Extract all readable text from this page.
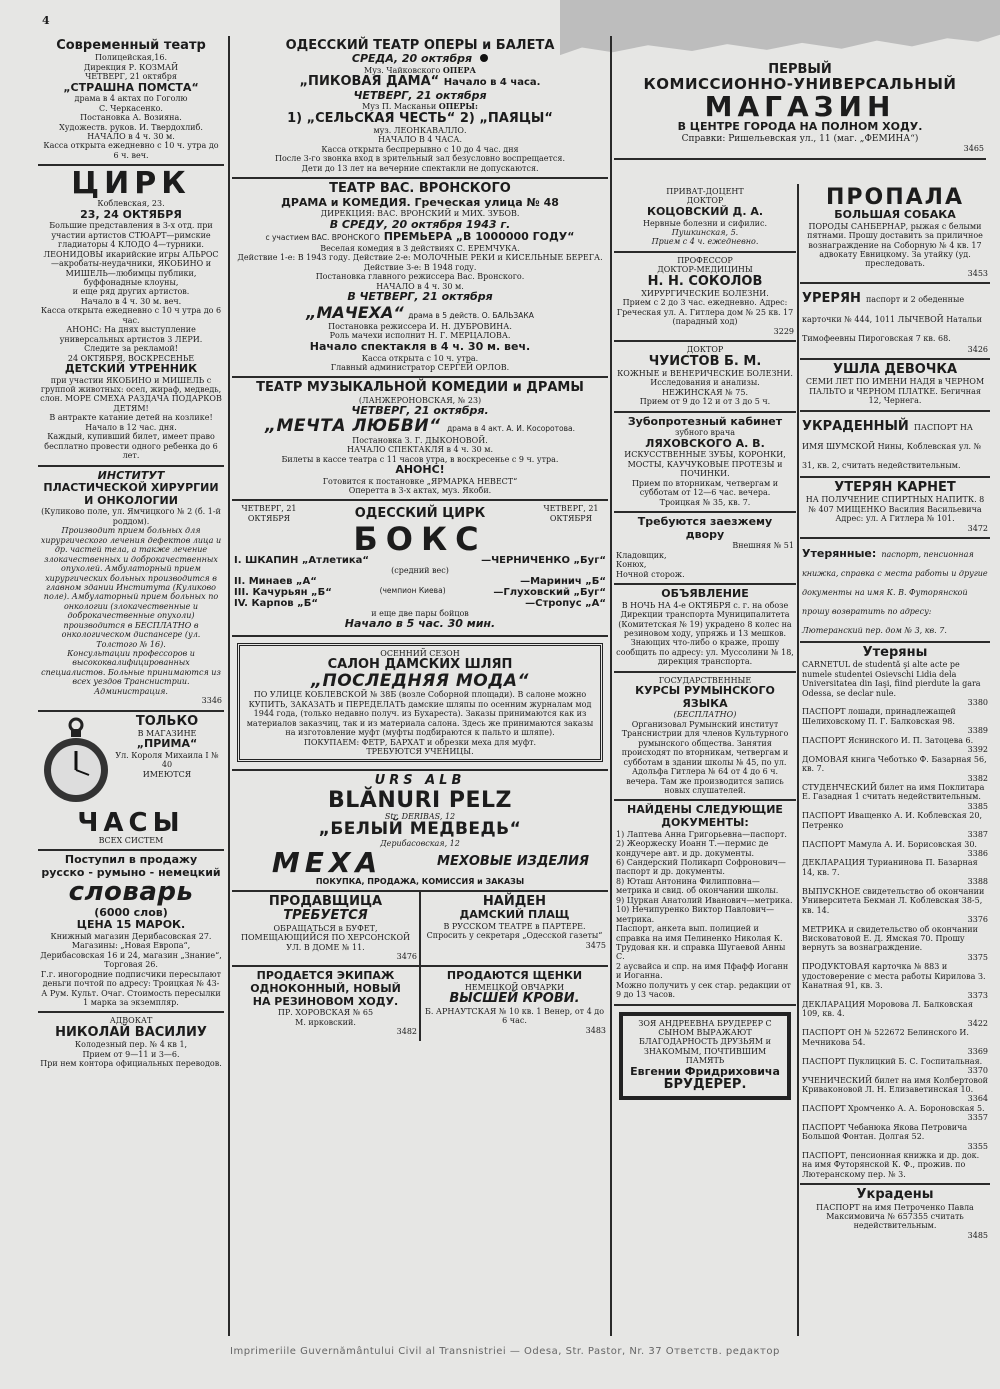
4
Современный театр

Полицейская,16.

Дирекция Р. КОЗМАЙ

ЧЕТВЕРГ, 21 октября

„СТРАШНА ПОМСТА“

драма в 4 актах по Гоголю

С. Черкасенко.

Постановка А. Возияна.

Художеств. руков. И. Твердохлиб.

НАЧАЛО в 4 ч. 30 м.

Касса открыта ежедневно с 10 ч. утра до 6 ч. веч.

ЦИРК

Коблевская, 23.

23, 24 ОКТЯБРЯ

Большие представления в 3-х отд. при участии артистов СТЮАРТ—римские гладиаторы 4 КЛОДО 4—турники.

ЛЕОНИДОВЫ икарийские игры АЛЬРОС—акробаты-неудачники, ЯКОБИНО и МИШЕЛЬ—любимцы публики, буффонадные клоуны,

и еще ряд других артистов.

Начало в 4 ч. 30 м. веч.

Касса открыта ежедневно с 10 ч утра до 6 час.

АНОНС: На днях выступление универсальных артистов 3 ЛЕРИ.

Следите за рекламой!

24 ОКТЯБРЯ, ВОСКРЕСЕНЬЕ

ДЕТСКИЙ УТРЕННИК

при участии ЯКОБИНО и МИШЕЛЬ с группой животных: осел, жираф, медведь, слон. МОРЕ СМЕХА РАЗДАЧА ПОДАРКОВ ДЕТЯМ!

В антракте катание детей на козлике!

Начало в 12 час. дня.

Каждый, купивший билет, имеет право бесплатно провести одного ребенка до 6 лет.

ИНСТИТУТ
ПЛАСТИЧЕСКОЙ ХИРУРГИИ И ОНКОЛОГИИ

(Куликово поле, ул. Ямчицкого № 2 (б. 1-й роддом).

Производит прием больных для хирургического лечения дефектов лица и др. частей тела, а также лечение злокачественных и доброкачественных опухолей. Амбулаторный прием хирургических больных производится в главном здании Института (Куликово поле). Амбулаторный прием больных по онкологии (злокачественные и доброкачественные опухоли) производится в БЕСПЛАТНО в онкологическом диспансере (ул. Толстого № 16).

Консультации профессоров и высококвалифицированных специалистов. Больные принимаются из всех уездов Транснистрии.

Администрация.

3346

ТОЛЬКО

В МАГАЗИНЕ

„ПРИМА“

Ул. Короля Михаила I № 40

ИМЕЮТСЯ

ЧАСЫ

ВСЕХ СИСТЕМ

Поступил в продажу
русско - румыно - немецкий
словарь
(6000 слов)
ЦЕНА 15 МАРОК.

Книжный магазин Дерибасовская 27. Магазины: „Новая Европа“, Дерибасовская 16 и 24, магазин „Знание“, Торговая 26.

Г.г. иногородние подписчики пересылают деньги почтой по адресу: Троицкая № 43-А Рум. Культ. Очаг. Стоимость пересылки 1 марка за экземпляр.

АДВОКАТ

НИКОЛАЙ ВАСИЛИУ

Колодезный пер. № 4 кв 1,

Прием от 9—11 и 3—6.

При нем контора официальных переводов.

ОДЕССКИЙ ТЕАТР ОПЕРЫ и БАЛЕТА
СРЕДА, 20 октября

Муз. Чайковского ОПЕРА

„ПИКОВАЯ ДАМА“ Начало в 4 часа.
ЧЕТВЕРГ, 21 октября

Муз П. Масканьи ОПЕРЫ:

1) „СЕЛЬСКАЯ ЧЕСТЬ“ 2) „ПАЯЦЫ“

муз. ЛЕОНКАВАЛЛО.

НАЧАЛО В 4 ЧАСА.

Касса открыта беспрерывно с 10 до 4 час. дня

После 3-го звонка вход в зрительный зал безусловно воспрещается.

Дети до 13 лет на вечерние спектакли не допускаются.

ТЕАТР ВАС. ВРОНСКОГО
ДРАМА и КОМЕДИЯ. Греческая улица № 48

ДИРЕКЦИЯ: ВАС. ВРОНСКИЙ и МИХ. ЗУБОВ.

В СРЕДУ, 20 октября 1943 г.
с участием ВАС. ВРОНСКОГО ПРЕМЬЕРА „В 1000000 ГОДУ“

Веселая комедия в 3 действиях С. ЕРЕМЧУКА.

Действие 1-е: В 1943 году. Действие 2-е: МОЛОЧНЫЕ РЕКИ и КИСЕЛЬНЫЕ БЕРЕГА. Действие 3-е: В 1948 году.

Постановка главного режиссера Вас. Вронского.

НАЧАЛО в 4 ч. 30 м.

В ЧЕТВЕРГ, 21 октября
„МАЧЕХА“ драма в 5 действ. О. БАЛЬЗАКА

Постановка режиссера И. Н. ДУБРОВИНА.

Роль мачехи исполнит Н. Г. МЕРЦАЛОВА.

Начало спектакля в 4 ч. 30 м. веч.

Касса открыта с 10 ч. утра.

Главный администратор СЕРГЕЙ ОРЛОВ.

ТЕАТР МУЗЫКАЛЬНОЙ КОМЕДИИ и ДРАМЫ

(ЛАНЖЕРОНОВСКАЯ, № 23)

ЧЕТВЕРГ, 21 октября.
„МЕЧТА ЛЮБВИ“ драма в 4 акт. А. И. Косоротова.

Постановка З. Г. ДЫКОНОВОЙ.

НАЧАЛО СПЕКТАКЛЯ в 4 ч. 30 м.

Билеты в кассе театра с 11 часов утра, в воскресенье с 9 ч. утра.

АНОНС!

Готовится к постановке „ЯРМАРКА НЕВЕСТ“

Оперетта в 3-х актах, муз. Якоби.

ЧЕТВЕРГ, 21 ОКТЯБРЯ	ОДЕССКИЙ ЦИРК	ЧЕТВЕРГ, 21 ОКТЯБРЯ

БОКС
I. ШКАПИН „Атлетика“	—ЧЕРНИЧЕНКО „Буг“

(средний вес)

II. Минаев „А“	—Маринич „Б“
III. Качурьян „Б“	(чемпион Киева)	—Глуховский „Буг“
IV. Карпов „Б“	—Стропус „А“

и еще две пары бойцов

Начало в 5 час. 30 мин.

ОСЕННИЙ СЕЗОН

САЛОН ДАМСКИХ ШЛЯП
„ПОСЛЕДНЯЯ МОДА“

ПО УЛИЦЕ КОБЛЕВСКОЙ № 38Б (возле Соборной площади). В салоне можно КУПИТЬ, ЗАКАЗАТЬ и ПЕРЕДЕЛАТЬ дамские шляпы по осенним журналам мод 1944 года, (только недавно получ. из Бухареста). Заказы принимаются как из материалов заказчиц, так и из материала салона. Здесь же принимаются заказы на изготовление муфт (муфты подбираются к пальто и шляпе).

ПОКУПАЕМ: ФЕТР, БАРХАТ и обрезки меха для муфт.

ТРЕБУЮТСЯ УЧЕНИЦЫ.

URS ALB
BLĂNURI PELZ

Str. DERIBAS, 12

„БЕЛЫЙ МЕДВЕДЬ“

Дерибасовская, 12

МЕХА	МЕХОВЫЕ ИЗДЕЛИЯ

ПОКУПКА, ПРОДАЖА, КОМИССИЯ и ЗАКАЗЫ

ПРОДАВЩИЦА
ТРЕБУЕТСЯ

ОБРАЩАТЬСЯ в БУФЕТ, ПОМЕЩАЮЩИЙСЯ ПО ХЕРСОНСКОЙ УЛ. В ДОМЕ № 11.

3476

НАЙДЕН
ДАМСКИЙ ПЛАЩ

В РУССКОМ ТЕАТРЕ в ПАРТЕРЕ.

Спросить у секретаря „Одесской газеты“

3475

ПРОДАЕТСЯ ЭКИПАЖ
ОДНОКОННЫЙ, НОВЫЙ
НА РЕЗИНОВОМ ХОДУ.

ПР. ХОРОВСКАЯ № 65

М. ирковский.

3482

ПРОДАЮТСЯ ЩЕНКИ

НЕМЕЦКОЙ ОВЧАРКИ

ВЫСШЕЙ КРОВИ.

Б. АРНАУТСКАЯ № 10 кв. 1 Венер, от 4 до 6 час.

3483

ПЕРВЫЙ
КОМИССИОННО-УНИВЕРСАЛЬНЫЙ
МАГАЗИН
В ЦЕНТРЕ ГОРОДА НА ПОЛНОМ ХОДУ.

Справки: Ришельевская ул., 11 (маг. „ФЕМИНА“)

3465

ПРИВАТ-ДОЦЕНТ

ДОКТОР

КОЦОВСКИЙ Д. А.

Нервные болезни и сифилис.

Пушкинская, 5.

Прием с 4 ч. ежедневно.

ПРОФЕССОР

ДОКТОР-МЕДИЦИНЫ

Н. Н. СОКОЛОВ

ХИРУРГИЧЕСКИЕ БОЛЕЗНИ.

Прием с 2 до 3 час. ежедневно. Адрес: Греческая ул. А. Гитлера дом № 25 кв. 17 (парадный ход)

3229

ДОКТОР

ЧУИСТОВ Б. М.

КОЖНЫЕ и ВЕНЕРИЧЕСКИЕ БОЛЕЗНИ.

Исследования и анализы.

НЕЖИНСКАЯ № 75.

Прием от 9 до 12 и от 3 до 5 ч.

Зубопротезный кабинет

зубного врача

ЛЯХОВСКОГО А. В.

ИСКУССТВЕННЫЕ ЗУБЫ, КОРОНКИ, МОСТЫ, КАУЧУКОВЫЕ ПРОТЕЗЫ и ПОЧИНКИ.

Прием по вторникам, четвергам и субботам от 12—6 час. вечера.

Троицкая № 35, кв. 7.

Требуются заезжему
двору

Внешняя № 51

Кладовщик,

Конюх,

Ночной сторож.

ОБЪЯВЛЕНИЕ

В НОЧЬ НА 4-е ОКТЯБРЯ с. г. на обозе Дирекции транспорта Муниципалитета (Комитетская № 19) украдено 8 колес на резиновом ходу, упряжь и 13 мешков. Знающих что-либо о краже, прошу сообщить по адресу: ул. Муссолини № 18, дирекция транспорта.

ГОСУДАРСТВЕННЫЕ

КУРСЫ РУМЫНСКОГО ЯЗЫКА

(БЕСПЛАТНО)

Организовал Румынский институт Транснистрии для членов Культурного румынского общества. Занятия происходят по вторникам, четвергам и субботам в здании школы № 45, по ул. Адольфа Гитлера № 64 от 4 до 6 ч. вечера. Там же производится запись новых слушателей.

НАЙДЕНЫ СЛЕДУЮЩИЕ ДОКУМЕНТЫ:

1) Лаптева Анна Григорьевна—паспорт.

2) Жеоржеску Иоанн Т.—пермис де кондучере авт. и др. документы.

6) Сандерский Поликарп Софронович—паспорт и др. документы.

8) Юташ Антонина Филипповна—метрика и свид. об окончании школы.

9) Цуркан Анатолий Иванович—метрика.

10) Нечипуренко Виктор Павлович—метрика.

Паспорт, анкета вып. полицией и справка на имя Пелиненко Николая К.

Трудовая кн. и справка Шугаевой Анны С.

2 аусвайса и спр. на имя Пфафф Иоганн и Иоганна.

Можно получить у сек стар. редакции от 9 до 13 часов.

ЗОЯ АНДРЕЕВНА БРУДЕРЕР С СЫНОМ ВЫРАЖАЮТ БЛАГОДАРНОСТЬ ДРУЗЬЯМ и ЗНАКОМЫМ, ПОЧТИВШИМ ПАМЯТЬ

Евгении Фридриховича
БРУДЕРЕР.
ПРОПАЛА
БОЛЬШАЯ СОБАКА

ПОРОДЫ САНБЕРНАР, рыжая с белыми пятнами. Прошу доставить за приличное вознаграждение на Соборную № 4 кв. 17 адвокату Евницкому. За утайку (уд. преследовать.

3453

УРЕРЯН паспорт и 2 обеденные карточки № 444, 1011 ЛЫЧЕВОЙ Натальи Тимофеевны Пироговская 7 кв. 68.

3426

УШЛА ДЕВОЧКА

СЕМИ ЛЕТ ПО ИМЕНИ НАДЯ в ЧЕРНОМ ПАЛЬТО и ЧЕРНОМ ПЛАТКЕ. Бегичная 12, Чернега.

УКРАДЕННЫЙ ПАСПОРТ НА ИМЯ ШУМСКОЙ Нины, Коблевская ул. № 31, кв. 2, считать недействительным.

УТЕРЯН КАРНЕТ

НА ПОЛУЧЕНИЕ СПИРТНЫХ НАПИТК. 8 № 407 МИЩЕНКО Василия Васильевича

Адрес: ул. А Гитлера № 101.

3472

Утерянные: паспорт, пенсионная книжка, справка с места работы и другие документы на имя К. В. Футорянской прошу возвратить по адресу: Лютеранский пер. дом № 3, кв. 7.

Утеряны

CARNETUL de studentă şi alte acte pe numele studentei Osievschi Lidia dela Universitatea din Iaşi, fiind pierdute la gara Odessa, se declar nule.

3380

ПАСПОРТ лошади, принадлежащей Шелиховскому П. Г. Балковская 98.

3389

ПАСПОРТ Яснинского И. П. Затоцева 6.

3392

ДОМОВАЯ книга Чеботько Ф. Базарная 56, кв. 7.

3382

СТУДЕНЧЕСКИЙ билет на имя Поклитара Е. Газадная 1 считать недействительным.

3385

ПАСПОРТ Иващенко А. И. Коблевская 20, Петренко

3387

ПАСПОРТ Мамула А. И. Борисовская 30.

3386

ДЕКЛАРАЦИЯ Турианинова П. Базарная 14, кв. 7.

3388

ВЫПУСКНОЕ свидетельство об окончании Университета Бекман Л. Коблевская 38-5, кв. 14.

3376

МЕТРИКА и свидетельство об окончании Висковатовой Е. Д. Ямская 70. Прошу вернуть за вознаграждение.

3375

ПРОДУКТОВАЯ карточка № 883 и удостоверение с места работы Кирилова З. Канатная 91, кв. 3.

3373

ДЕКЛАРАЦИЯ Моровова Л. Балковская 109, кв. 4.

3422

ПАСПОРТ ОН № 522672 Белинского И. Мечникова 54.

3369

ПАСПОРТ Пуклицкий Б. С. Госпитальная.

3370

УЧЕНИЧЕСКИЙ билет на имя Колбертовой Криваконовой Л. Н. Елизаветинская 10.

3364

ПАСПОРТ Хромченко А. А. Бороновская 5.

3357

ПАСПОРТ Чебанюка Якова Петровича Большой Фонтан. Долгая 52.

3355

ПАСПОРТ, пенсионная книжка и др. док. на имя Футорянской К. Ф., прожив. по Лютеранскому пер. № 3.

Украдены

ПАСПОРТ на имя Петроченко Павла Максимовича № 657355 считать недействительным.

3485

Imprimeriile Guvernământului Civil al Transnistriei — Odesa, Str. Pastor, Nr. 37 Ответств. редактор
